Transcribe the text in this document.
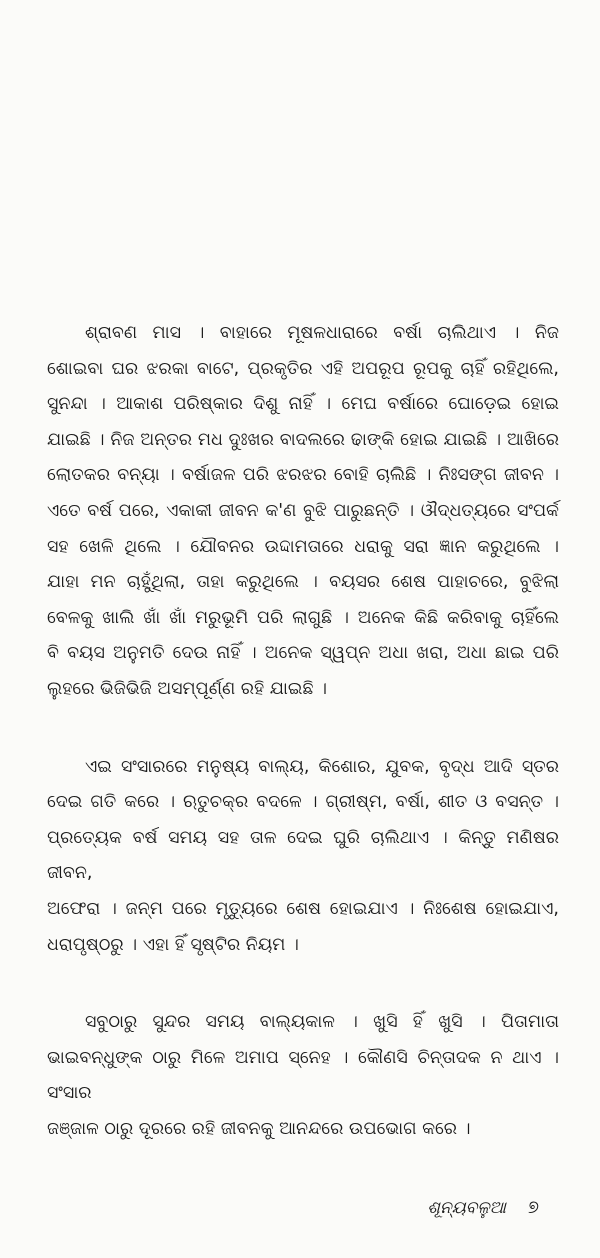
ଶ୍ରାବଣ ମାସ । ବାହାରେ ମୂଷଳଧାରାରେ ବର୍ଷା ଚାଲିଥାଏ । ନିଜ
ଶୋଇବା ଘର ଝରକା ବାଟେ, ପ୍ରକୃତିର ଏହି ଅପରୂପ ରୂପକୁ ଚାହିଁ ରହିଥିଲେ,
ସୁନନ୍ଦା । ଆକାଶ ପରିଷ୍କାର ଦିଶୁ ନାହିଁ । ମେଘ ବର୍ଷାରେ ଘୋଡ଼େଇ ହୋଇ
ଯାଇଛି । ନିଜ ଅନ୍ତର ମଧ ଦୁଃଖର ବାଦଲରେ ଢାଙ୍କି ହୋଇ ଯାଇଛି । ଆଖିରେ
ଲୋତକର ବନ୍ୟା । ବର୍ଷାଜଳ ପରି ଝରଝର ବୋହି ଚାଲିଛି । ନିଃସଙ୍ଗ ଜୀବନ ।
ଏତେ ବର୍ଷ ପରେ, ଏକାକୀ ଜୀବନ କ'ଣ ବୁଝି ପାରୁଛନ୍ତି । ଔଦ୍ଧତ୍ୟରେ ସଂପର୍କ
ସହ ଖେଳି ଥିଲେ । ଯୌବନର ଉଦ୍ଦାମତାରେ ଧରାକୁ ସରା ଜ୍ଞାନ କରୁଥିଲେ ।
ଯାହା ମନ ଚାହୁଁଥିଲା, ତାହା କରୁଥିଲେ । ବୟସର ଶେଷ ପାହାଚରେ, ବୁଝିଲା
ବେଳକୁ ଖାଲି ଖାଁ ଖାଁ ମରୁଭୂମି ପରି ଲାଗୁଛି । ଅନେକ କିଛି କରିବାକୁ ଚାହିଁଲେ
ବି ବୟସ ଅନୁମତି ଦେଉ ନାହିଁ । ଅନେକ ସ୍ୱପ୍ନ ଅଧା ଖରା, ଅଧା ଛାଇ ପରି
ଲୁହରେ ଭିଜିଭିଜି ଅସମ୍ପୂର୍ଣ୍ଣ ରହି ଯାଇଛି ।
ଏଇ ସଂସାରରେ ମନୁଷ୍ୟ ବାଲ୍ୟ, କିଶୋର, ଯୁବକ, ବୃଦ୍ଧ ଆଦି ସ୍ତର
ଦେଇ ଗତି କରେ । ଋତୁଚକ୍ର ବଦଳେ । ଗ୍ରୀଷ୍ମ, ବର୍ଷା, ଶୀତ ଓ ବସନ୍ତ ।
ପ୍ରତ୍ୟେକ ବର୍ଷ ସମୟ ସହ ତାଳ ଦେଇ ଘୁରି ଚାଲିଥାଏ । କିନ୍ତୁ ମଣିଷର ଜୀବନ,
ଅଫେରା । ଜନ୍ମ ପରେ ମୃତ୍ୟୁରେ ଶେଷ ହୋଇଯାଏ । ନିଃଶେଷ ହୋଇଯାଏ,
ଧରାପୃଷ୍ଠରୁ । ଏହା ହିଁ ସୃଷ୍ଟିର ନିୟମ ।
ସବୁଠାରୁ ସୁନ୍ଦର ସମୟ ବାଲ୍ୟକାଳ । ଖୁସି ହିଁ ଖୁସି । ପିତାମାତା
ଭାଇବନ୍ଧୁଙ୍କ ଠାରୁ ମିଳେ ଅମାପ ସ୍ନେହ । କୌଣସି ଚିନ୍ତାଦକ ନ ଥାଏ । ସଂସାର
ଜଞ୍ଜାଳ ଠାରୁ ଦୂରରେ ରହି ଜୀବନକୁ ଆନନ୍ଦରେ ଉପଭୋଗ କରେ ।
ଶୂନ୍ୟବଳୁଆ ୭
